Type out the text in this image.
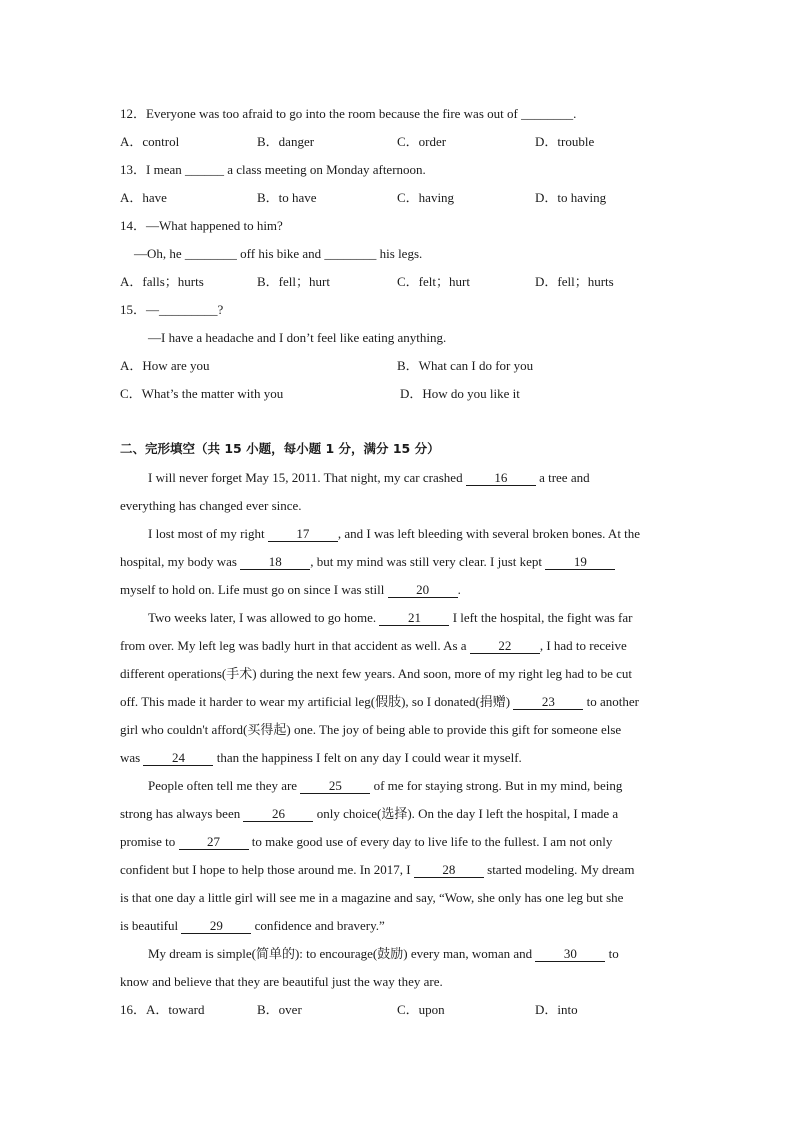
12．Everyone was too afraid to go into the room because the fire was out of ________.
A．control	B．danger	C．order	D．trouble
13．I mean ______ a class meeting on Monday afternoon.
A．have	B．to have	C．having	D．to having
14．—What happened to him?
—Oh, he ________ off his bike and ________ his legs.
A．falls；hurts	B．fell；hurt	C．felt；hurt	D．fell；hurts
15．—_________?
—I have a headache and I don’t feel like eating anything.
A．How are you	B．What can I do for you
C．What’s the matter with you	D．How do you like it
二、完形填空（共 15 小题，每小题 1 分，满分 15 分）
I will never forget May 15, 2011. That night, my car crashed 16 a tree and
everything has changed ever since.
I lost most of my right 17 , and I was left bleeding with several broken bones. At the
hospital, my body was 18 , but my mind was still very clear. I just kept 19
myself to hold on. Life must go on since I was still 20 .
Two weeks later, I was allowed to go home. 21 I left the hospital, the fight was far
from over. My left leg was badly hurt in that accident as well. As a 22 , I had to receive
different operations(手术) during the next few years. And soon, more of my right leg had to be cut
off. This made it harder to wear my artificial leg(假肢), so I donated(捐赠) 23 to another
girl who couldn't afford(买得起) one. The joy of being able to provide this gift for someone else
was 24 than the happiness I felt on any day I could wear it myself.
People often tell me they are 25 of me for staying strong. But in my mind, being
strong has always been 26 only choice(选择). On the day I left the hospital, I made a
promise to 27 to make good use of every day to live life to the fullest. I am not only
confident but I hope to help those around me. In 2017, I 28 started modeling. My dream
is that one day a little girl will see me in a magazine and say, “Wow, she only has one leg but she
is beautiful 29 confidence and bravery.”
My dream is simple(简单的): to encourage(鼓励) every man, woman and 30 to
know and believe that they are beautiful just the way they are.
16．A．toward	B．over	C．upon	D．into
